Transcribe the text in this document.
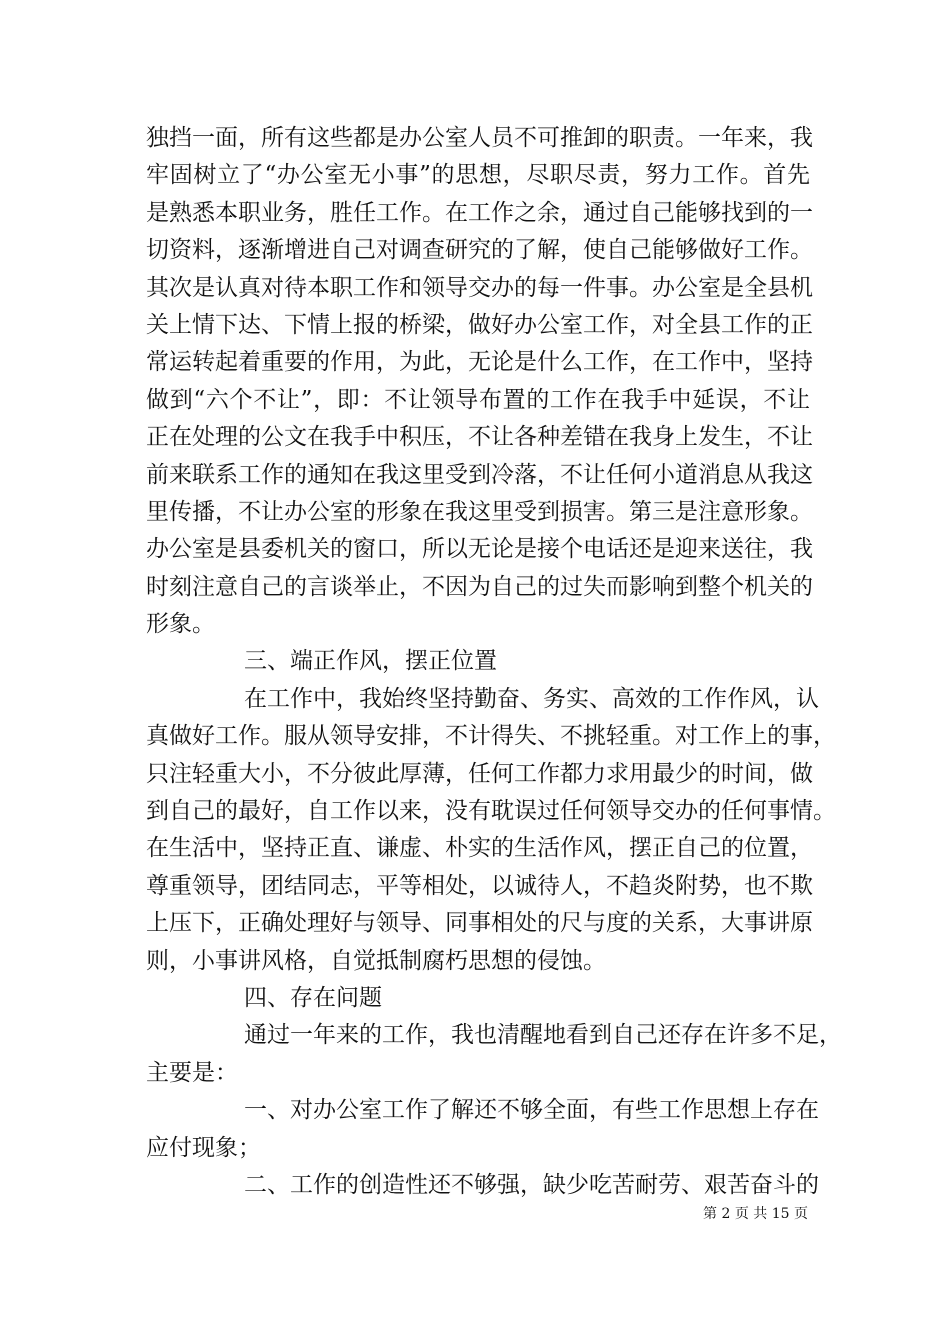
独挡一面，所有这些都是办公室人员不可推卸的职责。一年来，我
牢固树立了“办公室无小事”的思想，尽职尽责，努力工作。首先
是熟悉本职业务，胜任工作。在工作之余，通过自己能够找到的一
切资料，逐渐增进自己对调查研究的了解，使自己能够做好工作。
其次是认真对待本职工作和领导交办的每一件事。办公室是全县机
关上情下达、下情上报的桥梁，做好办公室工作，对全县工作的正
常运转起着重要的作用，为此，无论是什么工作，在工作中，坚持
做到“六个不让”，即：不让领导布置的工作在我手中延误，不让
正在处理的公文在我手中积压，不让各种差错在我身上发生，不让
前来联系工作的通知在我这里受到冷落，不让任何小道消息从我这
里传播，不让办公室的形象在我这里受到损害。第三是注意形象。
办公室是县委机关的窗口，所以无论是接个电话还是迎来送往，我
时刻注意自己的言谈举止，不因为自己的过失而影响到整个机关的
形象。
三、端正作风，摆正位置
在工作中，我始终坚持勤奋、务实、高效的工作作风，认
真做好工作。服从领导安排，不计得失、不挑轻重。对工作上的事，
只注轻重大小，不分彼此厚薄，任何工作都力求用最少的时间，做
到自己的最好，自工作以来，没有耽误过任何领导交办的任何事情。
在生活中，坚持正直、谦虚、朴实的生活作风，摆正自己的位置，
尊重领导，团结同志，平等相处，以诚待人，不趋炎附势，也不欺
上压下，正确处理好与领导、同事相处的尺与度的关系，大事讲原
则，小事讲风格，自觉抵制腐朽思想的侵蚀。
四、存在问题
通过一年来的工作，我也清醒地看到自己还存在许多不足，
主要是：
一、对办公室工作了解还不够全面，有些工作思想上存在
应付现象；
二、工作的创造性还不够强，缺少吃苦耐劳、艰苦奋斗的
第 2 页 共 15 页
